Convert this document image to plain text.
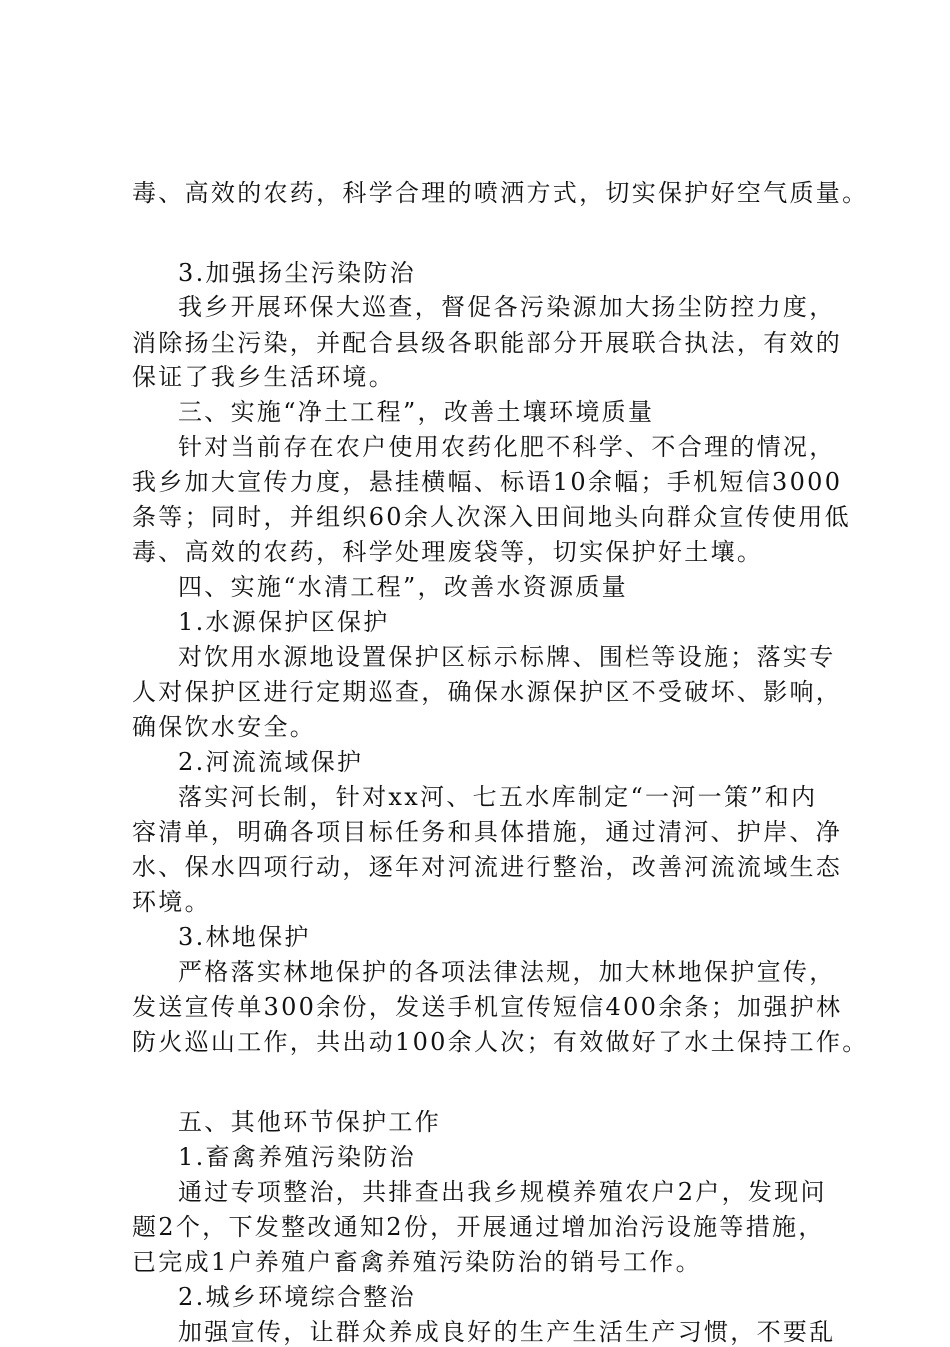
毒、高效的农药，科学合理的喷洒方式，切实保护好空气质量。
3.加强扬尘污染防治
我乡开展环保大巡查，督促各污染源加大扬尘防控力度，
消除扬尘污染，并配合县级各职能部分开展联合执法，有效的
保证了我乡生活环境。
三、实施“净土工程”，改善土壤环境质量
针对当前存在农户使用农药化肥不科学、不合理的情况，
我乡加大宣传力度，悬挂横幅、标语10余幅；手机短信3000
条等；同时，并组织60余人次深入田间地头向群众宣传使用低
毒、高效的农药，科学处理废袋等，切实保护好土壤。
四、实施“水清工程”，改善水资源质量
1.水源保护区保护
对饮用水源地设置保护区标示标牌、围栏等设施；落实专
人对保护区进行定期巡查，确保水源保护区不受破坏、影响，
确保饮水安全。
2.河流流域保护
落实河长制，针对xx河、七五水库制定“一河一策”和内
容清单，明确各项目标任务和具体措施，通过清河、护岸、净
水、保水四项行动，逐年对河流进行整治，改善河流流域生态
环境。
3.林地保护
严格落实林地保护的各项法律法规，加大林地保护宣传，
发送宣传单300余份，发送手机宣传短信400余条；加强护林
防火巡山工作，共出动100余人次；有效做好了水土保持工作。
五、其他环节保护工作
1.畜禽养殖污染防治
通过专项整治，共排查出我乡规模养殖农户2户，发现问
题2个，下发整改通知2份，开展通过增加治污设施等措施，
已完成1户养殖户畜禽养殖污染防治的销号工作。
2.城乡环境综合整治
加强宣传，让群众养成良好的生产生活生产习惯，不要乱
